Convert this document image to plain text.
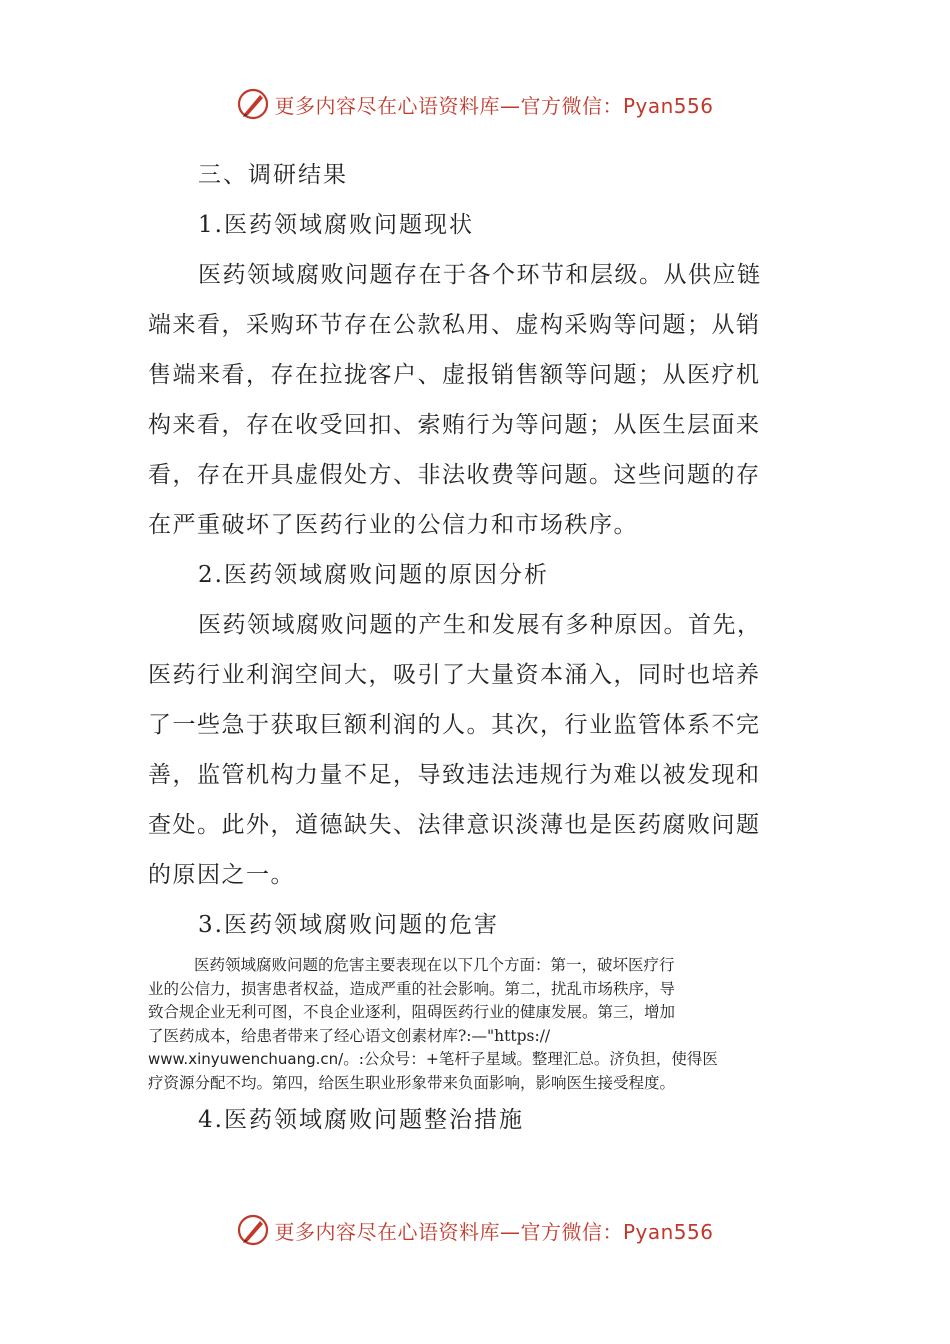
更多内容尽在心语资料库—官方微信：Pyan556
三、调研结果
1.医药领域腐败问题现状

医药领域腐败问题存在于各个环节和层级。从供应链
端来看，采购环节存在公款私用、虚构采购等问题；从销
售端来看，存在拉拢客户、虚报销售额等问题；从医疗机
构来看，存在收受回扣、索贿行为等问题；从医生层面来
看，存在开具虚假处方、非法收费等问题。这些问题的存
在严重破坏了医药行业的公信力和市场秩序。

2.医药领域腐败问题的原因分析

医药领域腐败问题的产生和发展有多种原因。首先，
医药行业利润空间大，吸引了大量资本涌入，同时也培养
了一些急于获取巨额利润的人。其次，行业监管体系不完
善，监管机构力量不足，导致违法违规行为难以被发现和
查处。此外，道德缺失、法律意识淡薄也是医药腐败问题
的原因之一。

3.医药领域腐败问题的危害

医药领域腐败问题的危害主要表现在以下几个方面：第一，破坏医疗行
业的公信力，损害患者权益，造成严重的社会影响。第二，扰乱市场秩序，导
致合规企业无利可图，不良企业逐利，阻碍医药行业的健康发展。第三，增加
了医药成本，给患者带来了经心语文创素材库?:—"https://
www.xinyuwenchuang.cn/。:公众号：+笔杆子星域。整理汇总。济负担，使得医
疗资源分配不均。第四，给医生职业形象带来负面影响，影响医生接受程度。

4.医药领域腐败问题整治措施
更多内容尽在心语资料库—官方微信：Pyan556
